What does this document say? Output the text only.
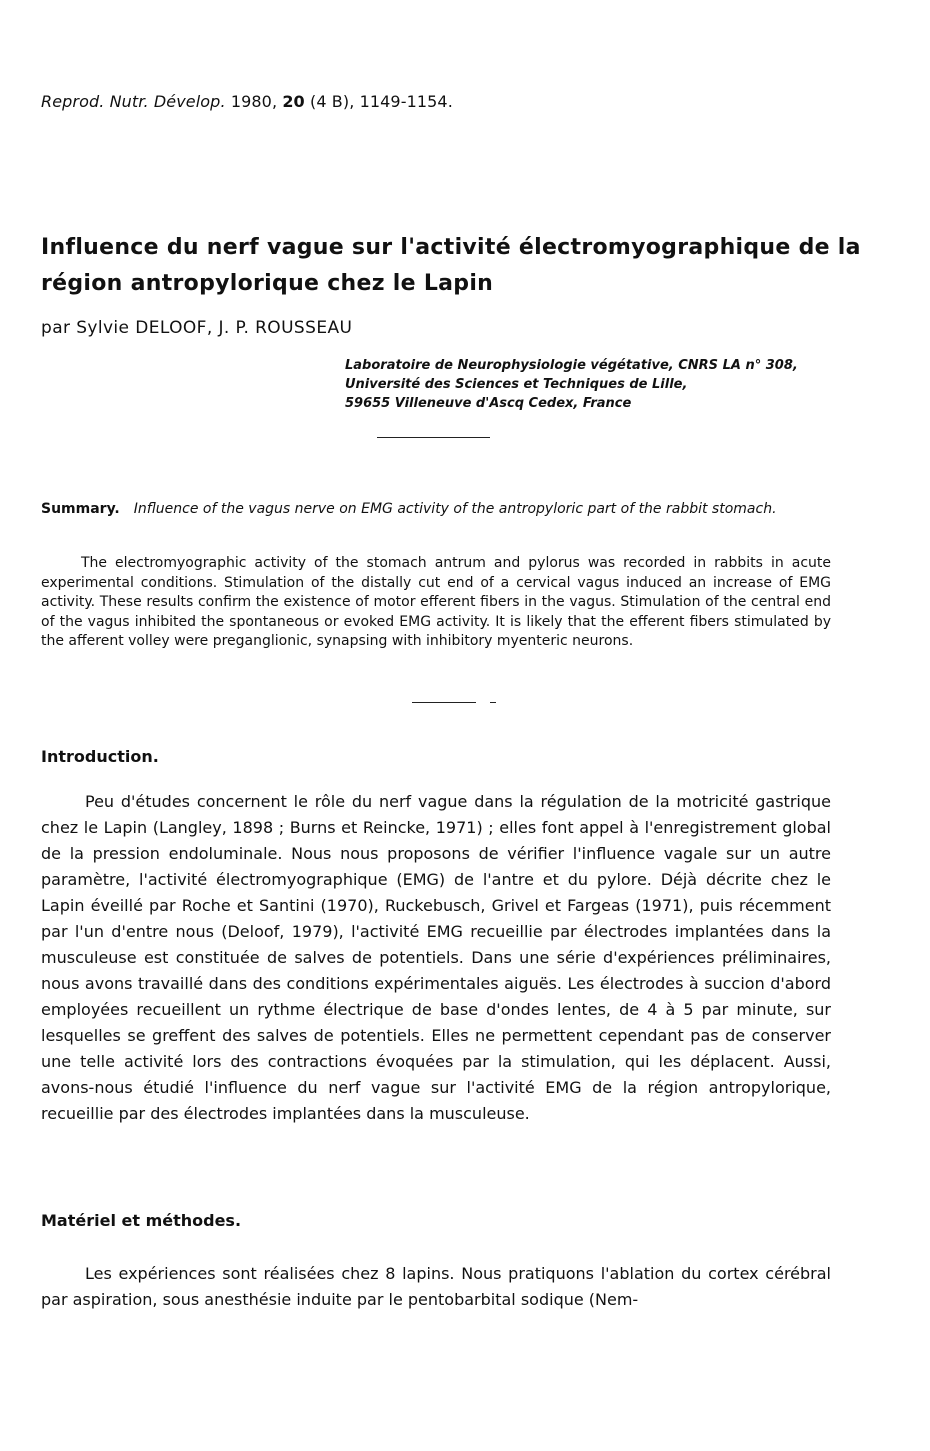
Reprod. Nutr. Dévelop. 1980, 20 (4 B), 1149-1154.
Influence du nerf vague sur l'activité électromyographique de la région antropylorique chez le Lapin
par Sylvie DELOOF, J. P. ROUSSEAU
Laboratoire de Neurophysiologie végétative, CNRS LA n° 308,
Université des Sciences et Techniques de Lille,
59655 Villeneuve d'Ascq Cedex, France
Summary. Influence of the vagus nerve on EMG activity of the antropyloric part of the rabbit stomach.
The electromyographic activity of the stomach antrum and pylorus was recorded in rabbits in acute experimental conditions. Stimulation of the distally cut end of a cervical vagus induced an increase of EMG activity. These results confirm the existence of motor efferent fibers in the vagus. Stimulation of the central end of the vagus inhibited the spontaneous or evoked EMG activity. It is likely that the efferent fibers stimulated by the afferent volley were preganglionic, synapsing with inhibitory myenteric neurons.
Introduction.
Peu d'études concernent le rôle du nerf vague dans la régulation de la motricité gastrique chez le Lapin (Langley, 1898 ; Burns et Reincke, 1971) ; elles font appel à l'enregistrement global de la pression endoluminale. Nous nous proposons de vérifier l'influence vagale sur un autre paramètre, l'activité électromyographique (EMG) de l'antre et du pylore. Déjà décrite chez le Lapin éveillé par Roche et Santini (1970), Ruckebusch, Grivel et Fargeas (1971), puis récemment par l'un d'entre nous (Deloof, 1979), l'activité EMG recueillie par électrodes implantées dans la musculeuse est constituée de salves de potentiels. Dans une série d'expériences préliminaires, nous avons travaillé dans des conditions expérimentales aiguës. Les électrodes à succion d'abord employées recueillent un rythme électrique de base d'ondes lentes, de 4 à 5 par minute, sur lesquelles se greffent des salves de potentiels. Elles ne permettent cependant pas de conserver une telle activité lors des contractions évoquées par la stimulation, qui les déplacent. Aussi, avons-nous étudié l'influence du nerf vague sur l'activité EMG de la région antropylorique, recueillie par des électrodes implantées dans la musculeuse.
Matériel et méthodes.
Les expériences sont réalisées chez 8 lapins. Nous pratiquons l'ablation du cortex cérébral par aspiration, sous anesthésie induite par le pentobarbital sodique (Nem-
